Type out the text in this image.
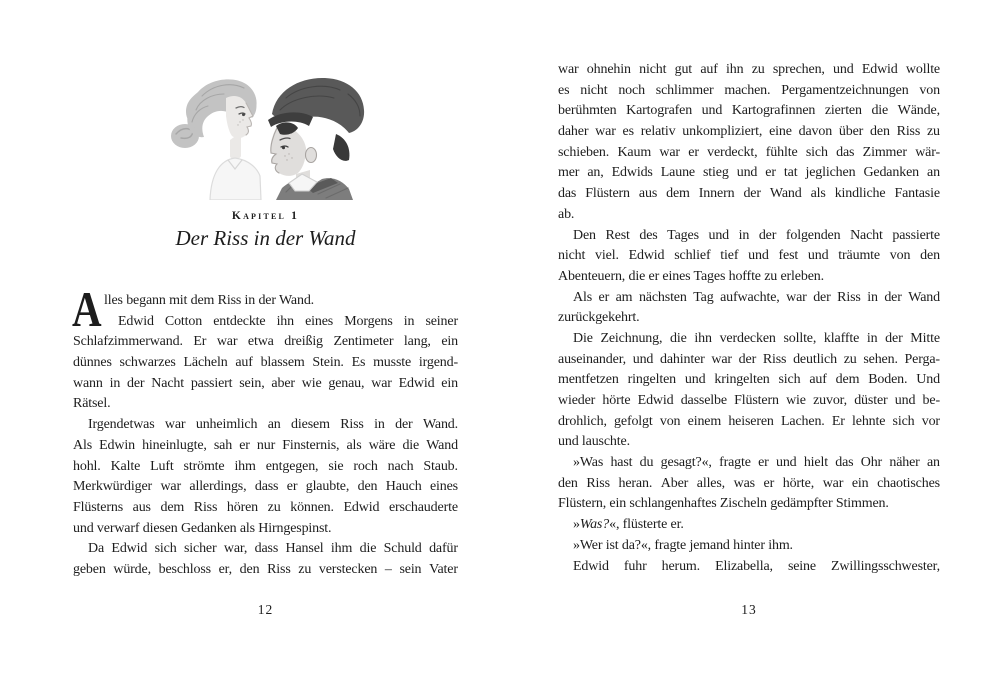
Kapitel 1
Der Riss in der Wand
A lles begann mit dem Riss in der Wand.
Edwid Cotton entdeckte ihn eines Morgens in seiner
Schlafzimmerwand. Er war etwa dreißig Zentimeter lang, ein
dünnes schwarzes Lächeln auf blassem Stein. Es musste irgend-
wann in der Nacht passiert sein, aber wie genau, war Edwid ein
Rätsel.
Irgendetwas war unheimlich an diesem Riss in der Wand.
Als Edwin hineinlugte, sah er nur Finsternis, als wäre die Wand
hohl. Kalte Luft strömte ihm entgegen, sie roch nach Staub.
Merkwürdiger war allerdings, dass er glaubte, den Hauch eines
Flüsterns aus dem Riss hören zu können. Edwid erschauderte
und verwarf diesen Gedanken als Hirngespinst.
Da Edwid sich sicher war, dass Hansel ihm die Schuld dafür
geben würde, beschloss er, den Riss zu verstecken – sein Vater
12
war ohnehin nicht gut auf ihn zu sprechen, und Edwid wollte
es nicht noch schlimmer machen. Pergamentzeichnungen von
berühmten Kartografen und Kartografinnen zierten die Wände,
daher war es relativ unkompliziert, eine davon über den Riss zu
schieben. Kaum war er verdeckt, fühlte sich das Zimmer wär-
mer an, Edwids Laune stieg und er tat jeglichen Gedanken an
das Flüstern aus dem Innern der Wand als kindliche Fantasie
ab.
Den Rest des Tages und in der folgenden Nacht passierte
nicht viel. Edwid schlief tief und fest und träumte von den
Abenteuern, die er eines Tages hoffte zu erleben.
Als er am nächsten Tag aufwachte, war der Riss in der Wand
zurückgekehrt.
Die Zeichnung, die ihn verdecken sollte, klaffte in der Mitte
auseinander, und dahinter war der Riss deutlich zu sehen. Perga-
mentfetzen ringelten und kringelten sich auf dem Boden. Und
wieder hörte Edwid dasselbe Flüstern wie zuvor, düster und be-
drohlich, gefolgt von einem heiseren Lachen. Er lehnte sich vor
und lauschte.
»Was hast du gesagt?«, fragte er und hielt das Ohr näher an
den Riss heran. Aber alles, was er hörte, war ein chaotisches
Flüstern, ein schlangenhaftes Zischeln gedämpfter Stimmen.
»Was?«, flüsterte er.
»Wer ist da?«, fragte jemand hinter ihm.
Edwid fuhr herum. Elizabella, seine Zwillingsschwester,
13
